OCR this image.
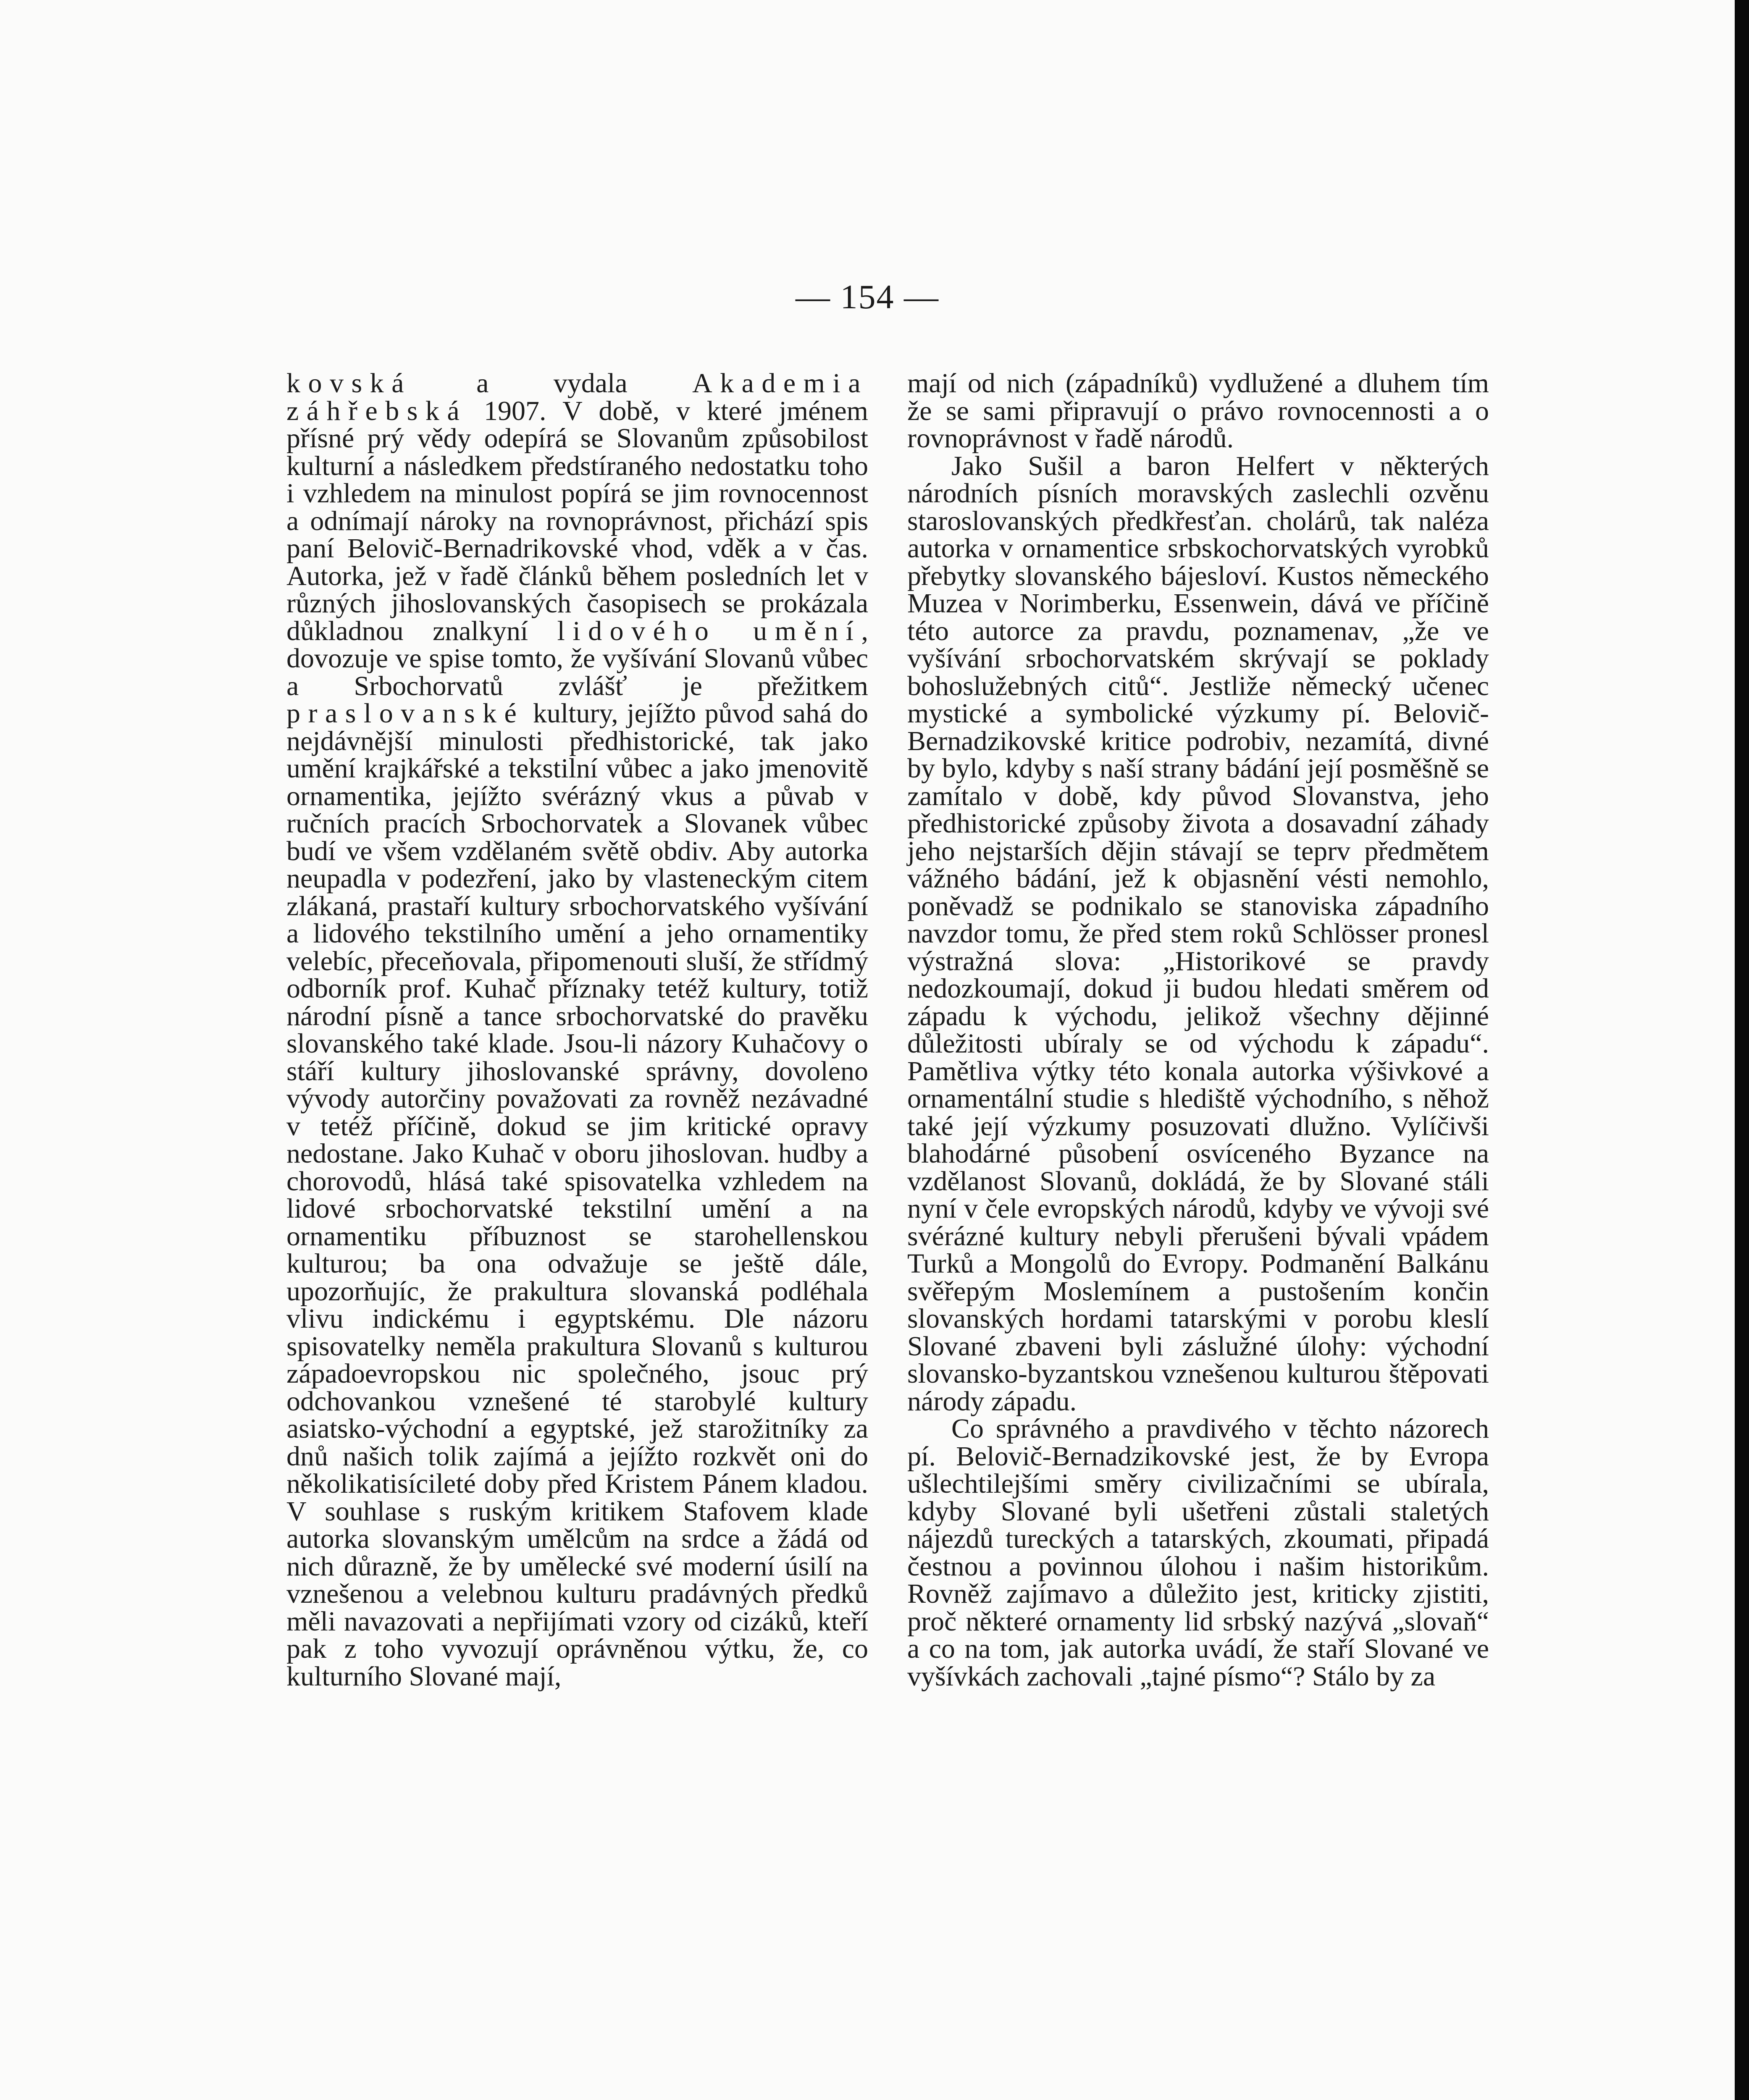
— 154 —

kovská a vydala Akademia záhřebská 1907. V době, v které jménem přísné prý vědy odepírá se Slovanům způsobilost kulturní a následkem předstíraného nedostatku toho i vzhledem na minulost popírá se jim rovnocennost a odnímají nároky na rovnoprávnost, přichází spis paní Belovič-Bernadrikovské vhod, vděk a v čas. Autorka, jež v řadě článků během posledních let v různých jihoslovanských časopisech se prokázala důkladnou znalkyní lidového umění, dovozuje ve spise tomto, že vyšívání Slovanů vůbec a Srbochorvatů zvlášť je přežitkem praslovanské kultury, jejížto původ sahá do nejdávnější minulosti předhistorické, tak jako umění krajkářské a tekstilní vůbec a jako jmenovitě ornamentika, jejížto svérázný vkus a půvab v ručních pracích Srbochorvatek a Slovanek vůbec budí ve všem vzdělaném světě obdiv. Aby autorka neupadla v podezření, jako by vlasteneckým citem zlákaná, prastaří kultury srbochorvatského vyšívání a lidového tekstilního umění a jeho ornamentiky velebíc, přeceňovala, připomenouti sluší, že střídmý odborník prof. Kuhač příznaky tetéž kultury, totiž národní písně a tance srbochorvatské do pravěku slovanského také klade. Jsou-li názory Kuhačovy o stáří kultury jihoslovanské správny, dovoleno vývody autorčiny považovati za rovněž nezávadné v tetéž příčině, dokud se jim kritické opravy nedostane. Jako Kuhač v oboru jihoslovan. hudby a chorovodů, hlásá také spisovatelka vzhledem na lidové srbochorvatské tekstilní umění a na ornamentiku příbuznost se starohellenskou kulturou; ba ona odvažuje se ještě dále, upozorňujíc, že prakultura slovanská podléhala vlivu indickému i egyptskému. Dle názoru spisovatelky neměla prakultura Slovanů s kulturou západoevropskou nic společného, jsouc prý odchovankou vznešené té starobylé kultury asiatsko-východní a egyptské, jež starožitníky za dnů našich tolik zajímá a jejížto rozkvět oni do několikatisícileté doby před Kristem Pánem kladou. V souhlase s ruským kritikem Stafovem klade autorka slovanským umělcům na srdce a žádá od nich důrazně, že by umělecké své moderní úsilí na vznešenou a velebnou kulturu pradávných předků měli navazovati a nepřijímati vzory od cizáků, kteří pak z toho vyvozují oprávněnou výtku, že, co kulturního Slované mají,

mají od nich (západníků) vydlužené a dluhem tím že se sami připravují o právo rovnocennosti a o rovnoprávnost v řadě národů.

Jako Sušil a baron Helfert v některých národních písních moravských zaslechli ozvěnu staroslovanských předkřesťan. cholárů, tak naléza autorka v ornamentice srbskochorvatských vyrobků přebytky slovanského bájesloví. Kustos německého Muzea v Norimberku, Essenwein, dává ve příčině této autorce za pravdu, poznamenav, „že ve vyšívání srbochorvatském skrývají se poklady bohoslužebných citů“. Jestliže německý učenec mystické a symbolické výzkumy pí. Belovič-Bernadzikovské kritice podrobiv, nezamítá, divné by bylo, kdyby s naší strany bádání její posměšně se zamítalo v době, kdy původ Slovanstva, jeho předhistorické způsoby života a dosavadní záhady jeho nejstarších dějin stávají se teprv předmětem vážného bádání, jež k objasnění vésti nemohlo, poněvadž se podnikalo se stanoviska západního navzdor tomu, že před stem roků Schlösser pronesl výstražná slova: „Historikové se pravdy nedozkoumají, dokud ji budou hledati směrem od západu k východu, jelikož všechny dějinné důležitosti ubíraly se od východu k západu“. Pamětliva výtky této konala autorka výšivkové a ornamentální studie s hlediště východního, s něhož také její výzkumy posuzovati dlužno. Vylíčivši blahodárné působení osvíceného Byzance na vzdělanost Slovanů, dokládá, že by Slované stáli nyní v čele evropských národů, kdyby ve vývoji své svérázné kultury nebyli přerušeni bývali vpádem Turků a Mongolů do Evropy. Podmanění Balkánu svěřepým Moslemínem a pustošením končin slovanských hordami tatarskými v porobu kleslí Slované zbaveni byli záslužné úlohy: východní slovansko-byzantskou vznešenou kulturou štěpovati národy západu.

Co správného a pravdivého v těchto názorech pí. Belovič-Bernadzikovské jest, že by Evropa ušlechtilejšími směry civilizačními se ubírala, kdyby Slované byli ušetřeni zůstali staletých nájezdů tureckých a tatarských, zkoumati, připadá čestnou a povinnou úlohou i našim historikům. Rovněž zajímavo a důležito jest, kriticky zjistiti, proč některé ornamenty lid srbský nazývá „slovaň“ a co na tom, jak autorka uvádí, že staří Slované ve vyšívkách zachovali „tajné písmo“? Stálo by za
